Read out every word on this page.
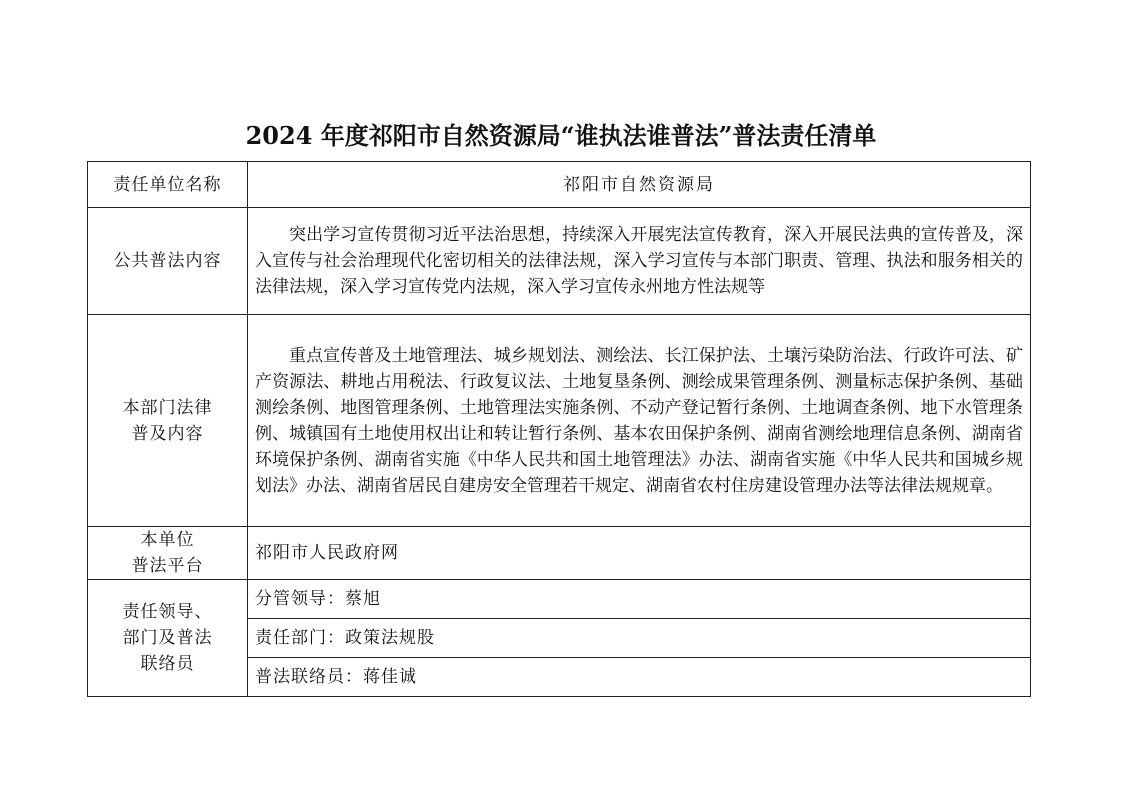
2024 年度祁阳市自然资源局“谁执法谁普法”普法责任清单
责任单位名称	祁阳市自然资源局
公共普法内容	突出学习宣传贯彻习近平法治思想，持续深入开展宪法宣传教育，深入开展民法典的宣传普及，深入宣传与社会治理现代化密切相关的法律法规，深入学习宣传与本部门职责、管理、执法和服务相关的法律法规，深入学习宣传党内法规，深入学习宣传永州地方性法规等

本部门法律
普及内容	重点宣传普及土地管理法、城乡规划法、测绘法、长江保护法、土壤污染防治法、行政许可法、矿产资源法、耕地占用税法、行政复议法、土地复垦条例、测绘成果管理条例、测量标志保护条例、基础测绘条例、地图管理条例、土地管理法实施条例、不动产登记暂行条例、土地调查条例、地下水管理条例、城镇国有土地使用权出让和转让暂行条例、基本农田保护条例、湖南省测绘地理信息条例、湖南省环境保护条例、湖南省实施《中华人民共和国土地管理法》办法、湖南省实施《中华人民共和国城乡规划法》办法、湖南省居民自建房安全管理若干规定、湖南省农村住房建设管理办法等法律法规规章。

本单位
普法平台	祁阳市人民政府网

责任领导、
部门及普法
联络员	分管领导：蔡旭
	责任部门：政策法规股
	普法联络员：蒋佳诚
